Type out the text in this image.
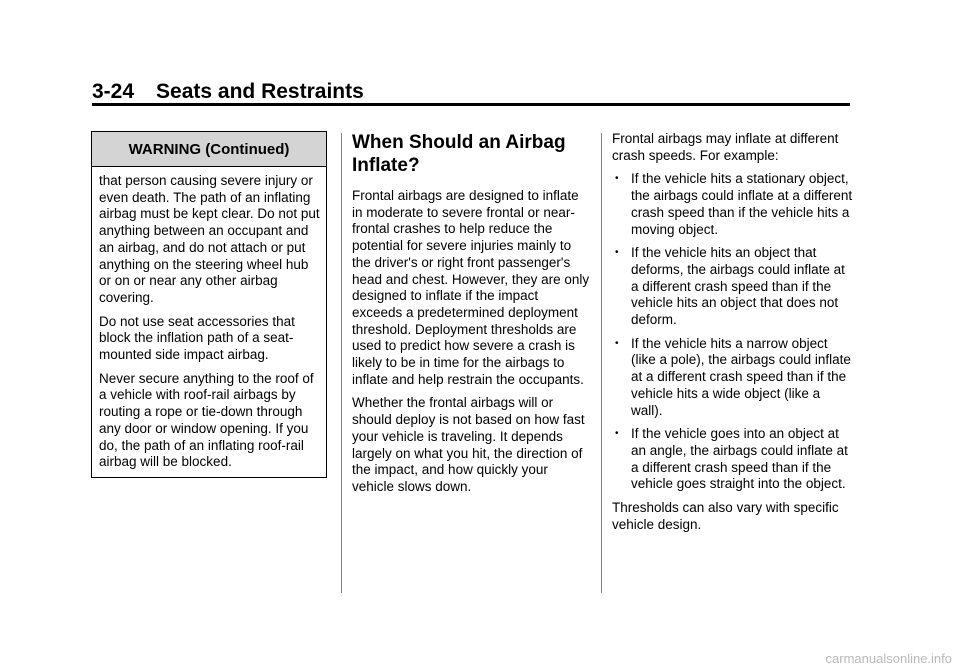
3-24 Seats and Restraints
WARNING (Continued)

that person causing severe injury or even death. The path of an inflating airbag must be kept clear. Do not put anything between an occupant and an airbag, and do not attach or put anything on the steering wheel hub or on or near any other airbag covering.

Do not use seat accessories that block the inflation path of a seat-mounted side impact airbag.

Never secure anything to the roof of a vehicle with roof-rail airbags by routing a rope or tie-down through any door or window opening. If you do, the path of an inflating roof-rail airbag will be blocked.

When Should an Airbag Inflate?

Frontal airbags are designed to inflate in moderate to severe frontal or near-frontal crashes to help reduce the potential for severe injuries mainly to the driver's or right front passenger's head and chest. However, they are only designed to inflate if the impact exceeds a predetermined deployment threshold. Deployment thresholds are used to predict how severe a crash is likely to be in time for the airbags to inflate and help restrain the occupants.

Whether the frontal airbags will or should deploy is not based on how fast your vehicle is traveling. It depends largely on what you hit, the direction of the impact, and how quickly your vehicle slows down.

Frontal airbags may inflate at different crash speeds. For example:

• If the vehicle hits a stationary object, the airbags could inflate at a different crash speed than if the vehicle hits a moving object.
• If the vehicle hits an object that deforms, the airbags could inflate at a different crash speed than if the vehicle hits an object that does not deform.
• If the vehicle hits a narrow object (like a pole), the airbags could inflate at a different crash speed than if the vehicle hits a wide object (like a wall).
• If the vehicle goes into an object at an angle, the airbags could inflate at a different crash speed than if the vehicle goes straight into the object.

Thresholds can also vary with specific vehicle design.

carmanualsonline.info
